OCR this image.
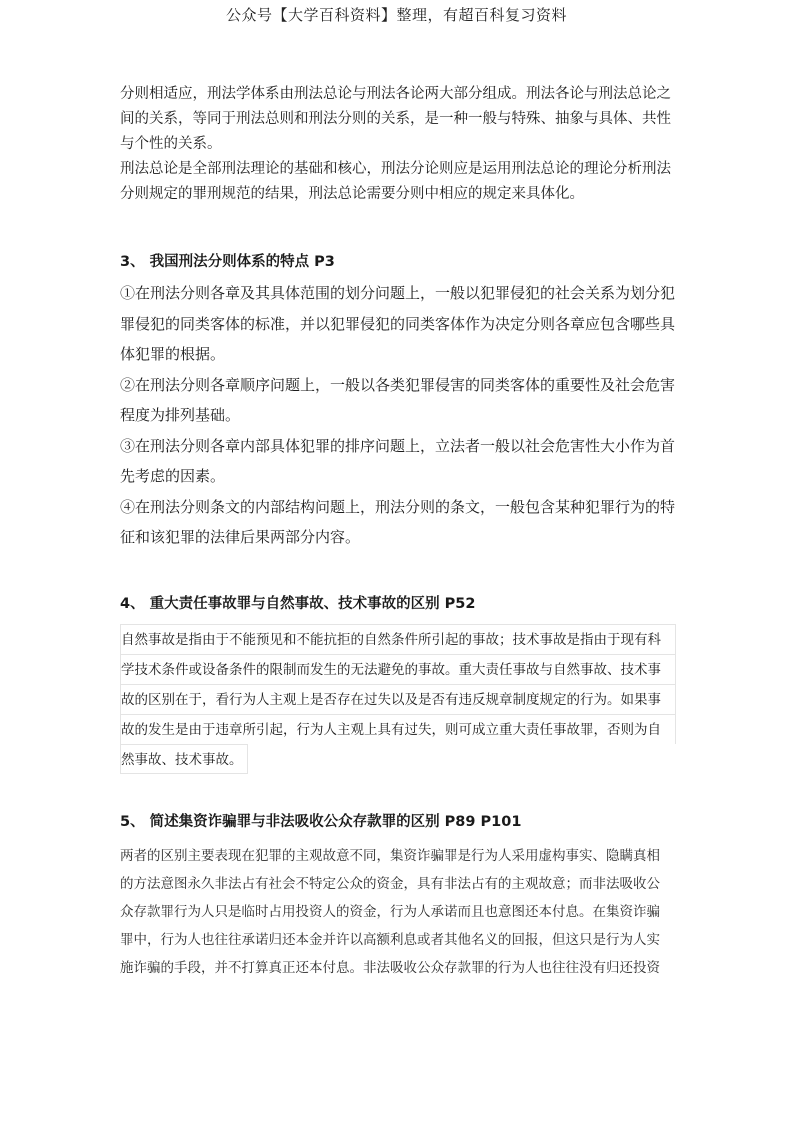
公众号【大学百科资料】整理，有超百科复习资料

分则相适应，刑法学体系由刑法总论与刑法各论两大部分组成。刑法各论与刑法总论之间的关系，等同于刑法总则和刑法分则的关系，是一种一般与特殊、抽象与具体、共性与个性的关系。

刑法总论是全部刑法理论的基础和核心，刑法分论则应是运用刑法总论的理论分析刑法分则规定的罪刑规范的结果，刑法总论需要分则中相应的规定来具体化。

3、 我国刑法分则体系的特点 P3

①在刑法分则各章及其具体范围的划分问题上，一般以犯罪侵犯的社会关系为划分犯罪侵犯的同类客体的标准，并以犯罪侵犯的同类客体作为决定分则各章应包含哪些具体犯罪的根据。

②在刑法分则各章顺序问题上，一般以各类犯罪侵害的同类客体的重要性及社会危害程度为排列基础。

③在刑法分则各章内部具体犯罪的排序问题上，立法者一般以社会危害性大小作为首先考虑的因素。

④在刑法分则条文的内部结构问题上，刑法分则的条文，一般包含某种犯罪行为的特征和该犯罪的法律后果两部分内容。

4、 重大责任事故罪与自然事故、技术事故的区别 P52
自然事故是指由于不能预见和不能抗拒的自然条件所引起的事故；技术事故是指由于现有科
学技术条件或设备条件的限制而发生的无法避免的事故。重大责任事故与自然事故、技术事
故的区别在于，看行为人主观上是否存在过失以及是否有违反规章制度规定的行为。如果事
故的发生是由于违章所引起，行为人主观上具有过失，则可成立重大责任事故罪，否则为自
然事故、技术事故。
5、 简述集资诈骗罪与非法吸收公众存款罪的区别 P89 P101
两者的区别主要表现在犯罪的主观故意不同，集资诈骗罪是行为人采用虚构事实、隐瞒真相
的方法意图永久非法占有社会不特定公众的资金，具有非法占有的主观故意；而非法吸收公
众存款罪行为人只是临时占用投资人的资金，行为人承诺而且也意图还本付息。在集资诈骗
罪中，行为人也往往承诺归还本金并许以高额利息或者其他名义的回报，但这只是行为人实
施诈骗的手段，并不打算真正还本付息。非法吸收公众存款罪的行为人也往往没有归还投资
